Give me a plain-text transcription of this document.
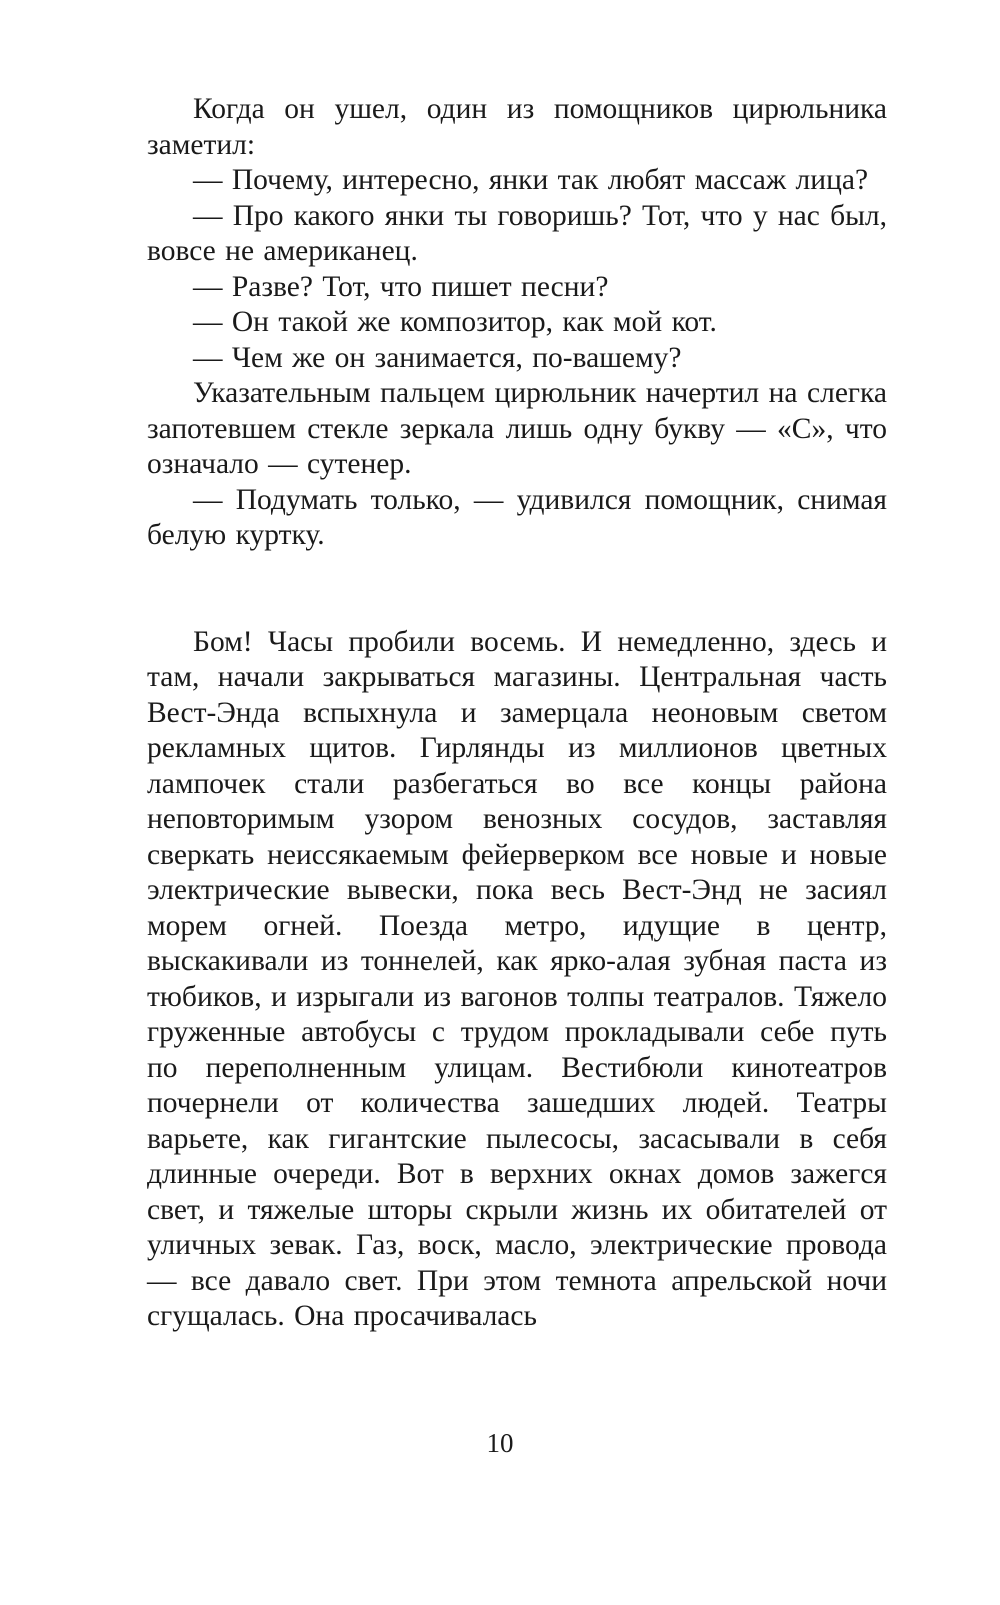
Когда он ушел, один из помощников цирюльника заметил:

— Почему, интересно, янки так любят массаж лица?

— Про какого янки ты говоришь? Тот, что у нас был, вовсе не американец.

— Разве? Тот, что пишет песни?

— Он такой же композитор, как мой кот.

— Чем же он занимается, по-вашему?

Указательным пальцем цирюльник начертил на слегка запотевшем стекле зеркала лишь одну букву — «С», что означало — сутенер.

— Подумать только, — удивился помощник, снимая белую куртку.

Бом! Часы пробили восемь. И немедленно, здесь и там, начали закрываться магазины. Центральная часть Вест-Энда вспыхнула и замерцала неоновым светом рекламных щитов. Гирлянды из миллионов цветных лампочек стали разбегаться во все концы района неповторимым узором венозных сосудов, заставляя сверкать неиссякаемым фейерверком все новые и новые электрические вывески, пока весь Вест-Энд не засиял морем огней. Поезда метро, идущие в центр, выскакивали из тоннелей, как ярко-алая зубная паста из тюбиков, и изрыгали из вагонов толпы театралов. Тяжело груженные автобусы с трудом прокладывали себе путь по переполненным улицам. Вестибюли кинотеатров почернели от количества зашедших людей. Театры варьете, как гигантские пылесосы, засасывали в себя длинные очереди. Вот в верхних окнах домов зажегся свет, и тяжелые шторы скрыли жизнь их обитателей от уличных зевак. Газ, воск, масло, электрические провода — все давало свет. При этом темнота апрельской ночи сгущалась. Она просачивалась

10
